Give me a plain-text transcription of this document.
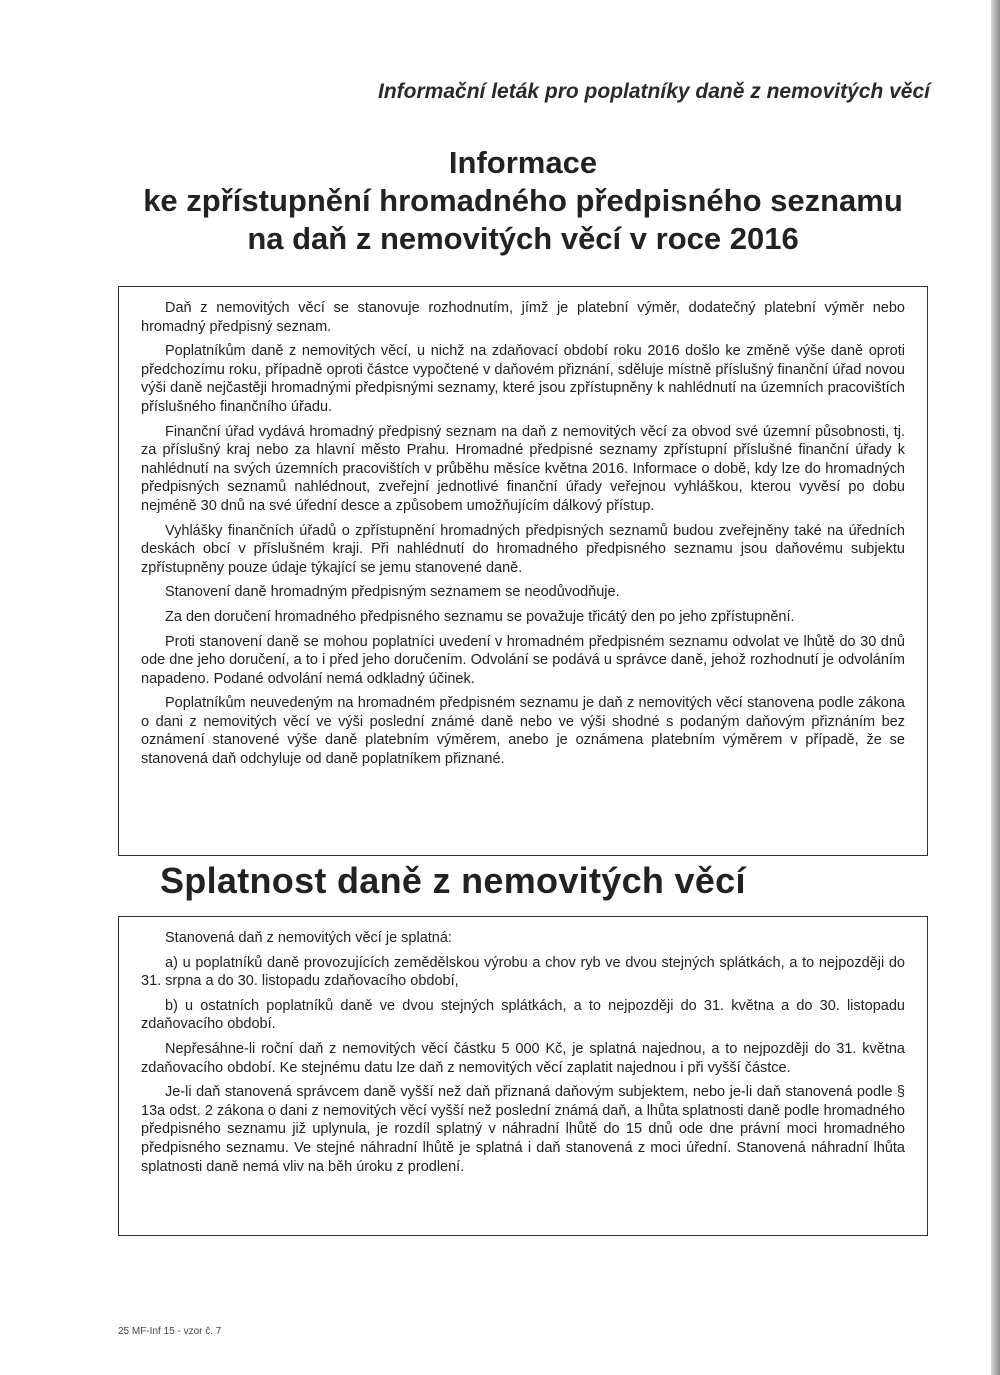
Informační leták pro poplatníky daně z nemovitých věcí
Informace
ke zpřístupnění hromadného předpisného seznamu
na daň z nemovitých věcí v roce 2016

Daň z nemovitých věcí se stanovuje rozhodnutím, jímž je platební výměr, dodatečný platební výměr nebo hromadný předpisný seznam.

Poplatníkům daně z nemovitých věcí, u nichž na zdaňovací období roku 2016 došlo ke změně výše daně oproti předchozímu roku, případně oproti částce vypočtené v daňovém přiznání, sděluje místně příslušný finanční úřad novou výši daně nejčastěji hromadnými předpisnými seznamy, které jsou zpřístupněny k nahlédnutí na územních pracovištích příslušného finančního úřadu.

Finanční úřad vydává hromadný předpisný seznam na daň z nemovitých věcí za obvod své územní působnosti, tj. za příslušný kraj nebo za hlavní město Prahu. Hromadné předpisné seznamy zpřístupní příslušné finanční úřady k nahlédnutí na svých územních pracovištích v průběhu měsíce května 2016. Informace o době, kdy lze do hromadných předpisných seznamů nahlédnout, zveřejní jednotlivé finanční úřady veřejnou vyhláškou, kterou vyvěsí po dobu nejméně 30 dnů na své úřední desce a způsobem umožňujícím dálkový přístup.

Vyhlášky finančních úřadů o zpřístupnění hromadných předpisných seznamů budou zveřejněny také na úředních deskách obcí v příslušném kraji. Při nahlédnutí do hromadného předpisného seznamu jsou daňovému subjektu zpřístupněny pouze údaje týkající se jemu stanovené daně.

Stanovení daně hromadným předpisným seznamem se neodůvodňuje.

Za den doručení hromadného předpisného seznamu se považuje třicátý den po jeho zpřístupnění.

Proti stanovení daně se mohou poplatníci uvedení v hromadném předpisném seznamu odvolat ve lhůtě do 30 dnů ode dne jeho doručení, a to i před jeho doručením. Odvolání se podává u správce daně, jehož rozhodnutí je odvoláním napadeno. Podané odvolání nemá odkladný účinek.

Poplatníkům neuvedeným na hromadném předpisném seznamu je daň z nemovitých věcí stanovena podle zákona o dani z nemovitých věcí ve výši poslední známé daně nebo ve výši shodné s podaným daňovým přiznáním bez oznámení stanovené výše daně platebním výměrem, anebo je oznámena platebním výměrem v případě, že se stanovená daň odchyluje od daně poplatníkem přiznané.

Splatnost daně z nemovitých věcí

Stanovená daň z nemovitých věcí je splatná:

a) u poplatníků daně provozujících zemědělskou výrobu a chov ryb ve dvou stejných splátkách, a to nejpozději do 31. srpna a do 30. listopadu zdaňovacího období,

b) u ostatních poplatníků daně ve dvou stejných splátkách, a to nejpozději do 31. května a do 30. listopadu zdaňovacího období.

Nepřesáhne-li roční daň z nemovitých věcí částku 5 000 Kč, je splatná najednou, a to nejpozději do 31. května zdaňovacího období. Ke stejnému datu lze daň z nemovitých věcí zaplatit najednou i při vyšší částce.

Je-li daň stanovená správcem daně vyšší než daň přiznaná daňovým subjektem, nebo je-li daň stanovená podle § 13a odst. 2 zákona o dani z nemovitých věcí vyšší než poslední známá daň, a lhůta splatnosti daně podle hromadného předpisného seznamu již uplynula, je rozdíl splatný v náhradní lhůtě do 15 dnů ode dne právní moci hromadného předpisného seznamu. Ve stejné náhradní lhůtě je splatná i daň stanovená z moci úřední. Stanovená náhradní lhůta splatnosti daně nemá vliv na běh úroku z prodlení.

25 MF-Inf 15 - vzor č. 7
